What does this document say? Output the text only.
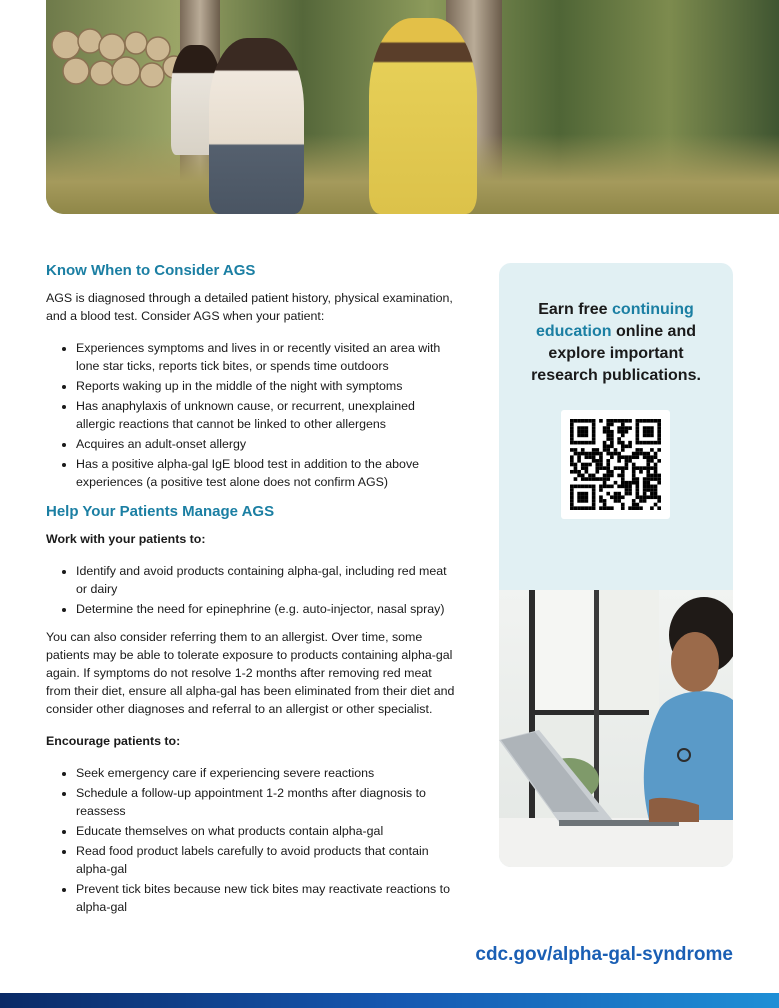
Know When to Consider AGS

AGS is diagnosed through a detailed patient history, physical examination, and a blood test. Consider AGS when your patient:

• Experiences symptoms and lives in or recently visited an area with lone star ticks, reports tick bites, or spends time outdoors
• Reports waking up in the middle of the night with symptoms
• Has anaphylaxis of unknown cause, or recurrent, unexplained allergic reactions that cannot be linked to other allergens
• Acquires an adult-onset allergy
• Has a positive alpha-gal IgE blood test in addition to the above experiences (a positive test alone does not confirm AGS)
Help Your Patients Manage AGS

Work with your patients to:

• Identify and avoid products containing alpha-gal, including red meat or dairy
• Determine the need for epinephrine (e.g. auto-injector, nasal spray)

You can also consider referring them to an allergist. Over time, some patients may be able to tolerate exposure to products containing alpha-gal again. If symptoms do not resolve 1-2 months after removing red meat from their diet, ensure all alpha-gal has been eliminated from their diet and consider other diagnoses and referral to an allergist or other specialist.

Encourage patients to:

• Seek emergency care if experiencing severe reactions
• Schedule a follow-up appointment 1-2 months after diagnosis to reassess
• Educate themselves on what products contain alpha-gal
• Read food product labels carefully to avoid products that contain alpha-gal
• Prevent tick bites because new tick bites may reactivate reactions to alpha-gal
Earn free continuing education online and explore important research publications.
cdc.gov/alpha-gal-syndrome
